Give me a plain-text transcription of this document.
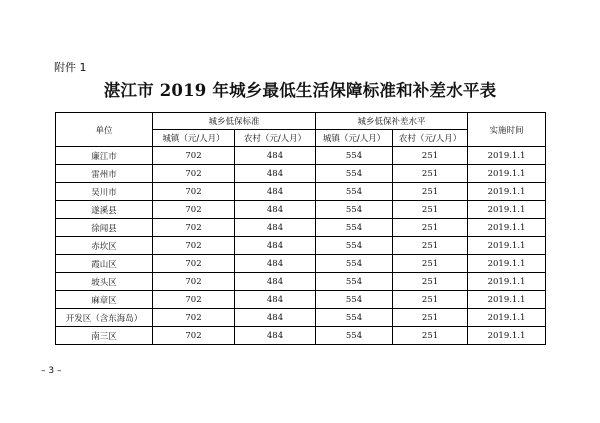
附件 1
湛江市 2019 年城乡最低生活保障标准和补差水平表
单位	城乡低保标准		城乡低保补差水平		实施时间
	城镇（元/人月）	农村（元/人月）	城镇（元/人月）	农村（元/人月）	
廉江市	702	484	554	251	2019.1.1
雷州市	702	484	554	251	2019.1.1
吴川市	702	484	554	251	2019.1.1
遂溪县	702	484	554	251	2019.1.1
徐闻县	702	484	554	251	2019.1.1
赤坎区	702	484	554	251	2019.1.1
霞山区	702	484	554	251	2019.1.1
坡头区	702	484	554	251	2019.1.1
麻章区	702	484	554	251	2019.1.1
开发区（含东海岛）	702	484	554	251	2019.1.1
南三区	702	484	554	251	2019.1.1
– 3 –
